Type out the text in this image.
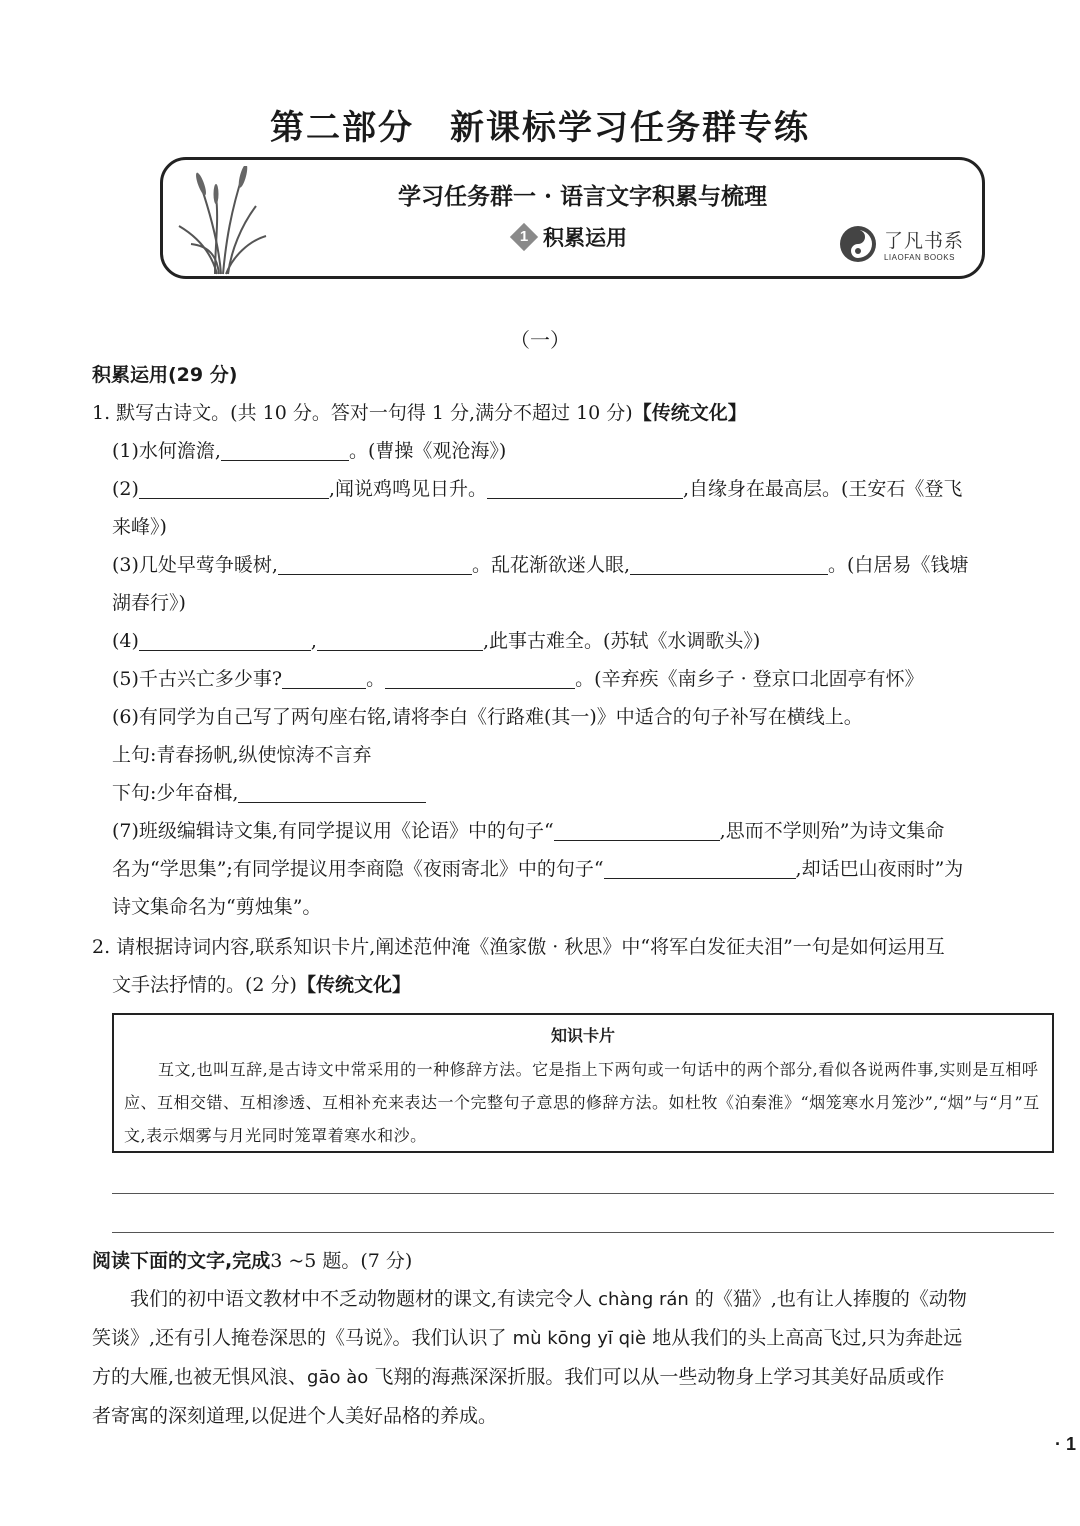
第二部分　新课标学习任务群专练
学习任务群一 · 语言文字积累与梳理
1 积累运用	了凡书系
LIAOFAN BOOKS
（一）
积累运用(29 分)
1. 默写古诗文。(共 10 分。答对一句得 1 分,满分不超过 10 分)【传统文化】
(1)水何澹澹,	。(曹操《观沧海》)
(2)	,闻说鸡鸣见日升。	,自缘身在最高层。(王安石《登飞
来峰》)
(3)几处早莺争暖树,	。乱花渐欲迷人眼,	。(白居易《钱塘
湖春行》)
(4)	,	,此事古难全。(苏轼《水调歌头》)
(5)千古兴亡多少事?	。	。(辛弃疾《南乡子 · 登京口北固亭有怀》
(6)有同学为自己写了两句座右铭,请将李白《行路难(其一)》中适合的句子补写在横线上。
上句:青春扬帆,纵使惊涛不言弃
下句:少年奋楫,
(7)班级编辑诗文集,有同学提议用《论语》中的句子“	,思而不学则殆”为诗文集命
名为“学思集”;有同学提议用李商隐《夜雨寄北》中的句子“	,却话巴山夜雨时”为
诗文集命名为“剪烛集”。
2. 请根据诗词内容,联系知识卡片,阐述范仲淹《渔家傲 · 秋思》中“将军白发征夫泪”一句是如何运用互
文手法抒情的。(2 分)【传统文化】
知识卡片
互文,也叫互辞,是古诗文中常采用的一种修辞方法。它是指上下两句或一句话中的两个部分,看似各说两件事,实则是互相呼应、互相交错、互相渗透、互相补充来表达一个完整句子意思的修辞方法。如杜牧《泊秦淮》“烟笼寒水月笼沙”,“烟”与“月”互文,表示烟雾与月光同时笼罩着寒水和沙。
阅读下面的文字,完成3 ~5 题。(7 分)
我们的初中语文教材中不乏动物题材的课文,有读完令人 chàng rán 的《猫》,也有让人捧腹的《动物
笑谈》,还有引人掩卷深思的《马说》。我们认识了 mù kōng yī qiè 地从我们的头上高高飞过,只为奔赴远
方的大雁,也被无惧风浪、gāo ào 飞翔的海燕深深折服。我们可以从一些动物身上学习其美好品质或作
者寄寓的深刻道理,以促进个人美好品格的养成。
· 1
